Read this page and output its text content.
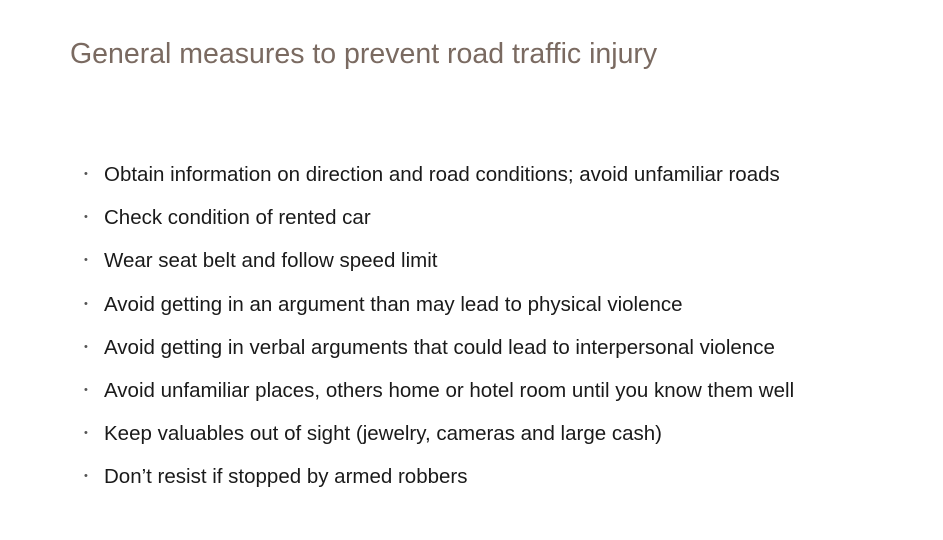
General measures to prevent road traffic injury
• Obtain information on direction and road conditions; avoid unfamiliar roads
• Check condition of rented car
• Wear seat belt and follow speed limit
• Avoid getting in an argument than may lead to physical violence
• Avoid getting in verbal arguments that could lead to interpersonal violence
• Avoid unfamiliar places, others home or hotel room until you know them well
• Keep valuables out of sight (jewelry, cameras and large cash)
• Don’t resist if stopped by armed robbers
